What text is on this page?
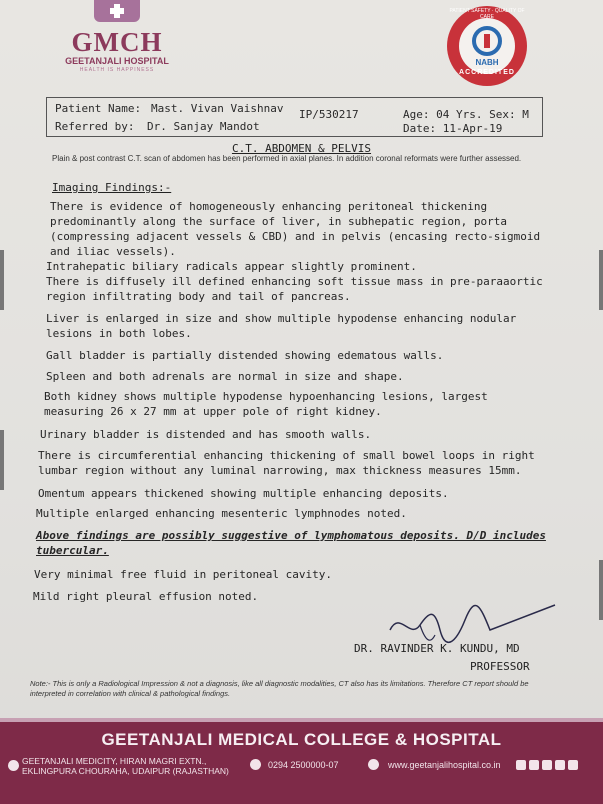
GMCH
GEETANJALI HOSPITAL
HEALTH IS HAPPINESS
PATIENT SAFETY · QUALITY OF CARE
NABH
ACCREDITED
Patient Name: Mast. Vivan Vaishnav IP/530217	Age: 04 Yrs. Sex: M
Referred by: Dr. Sanjay Mandot	Date: 11-Apr-19
C.T. ABDOMEN & PELVIS
Plain & post contrast C.T. scan of abdomen has been performed in axial planes. In addition coronal reformats were further assessed.
Imaging Findings:-
There is evidence of homogeneously enhancing peritoneal thickening predominantly along the surface of liver, in subhepatic region, porta (compressing adjacent vessels & CBD) and in pelvis (encasing recto-sigmoid and iliac vessels).
Intrahepatic biliary radicals appear slightly prominent.
There is diffusely ill defined enhancing soft tissue mass in pre-paraaortic region infiltrating body and tail of pancreas.
Liver is enlarged in size and show multiple hypodense enhancing nodular lesions in both lobes.
Gall bladder is partially distended showing edematous walls.
Spleen and both adrenals are normal in size and shape.
Both kidney shows multiple hypodense hypoenhancing lesions, largest measuring 26 x 27 mm at upper pole of right kidney.
Urinary bladder is distended and has smooth walls.
There is circumferential enhancing thickening of small bowel loops in right lumbar region without any luminal narrowing, max thickness measures 15mm.
Omentum appears thickened showing multiple enhancing deposits.
Multiple enlarged enhancing mesenteric lymphnodes noted.
Above findings are possibly suggestive of lymphomatous deposits. D/D includes tubercular.
Very minimal free fluid in peritoneal cavity.
Mild right pleural effusion noted.
DR. RAVINDER K. KUNDU, MD
PROFESSOR
Note:- This is only a Radiological Impression & not a diagnosis, like all diagnostic modalities, CT also has its limitations. Therefore CT report should be interpreted in correlation with clinical & pathological findings.
GEETANJALI MEDICAL COLLEGE & HOSPITAL
GEETANJALI MEDICITY, HIRAN MAGRI EXTN.,
EKLINGPURA CHOURAHA, UDAIPUR (RAJASTHAN)
0294 2500000-07	www.geetanjalihospital.co.in
